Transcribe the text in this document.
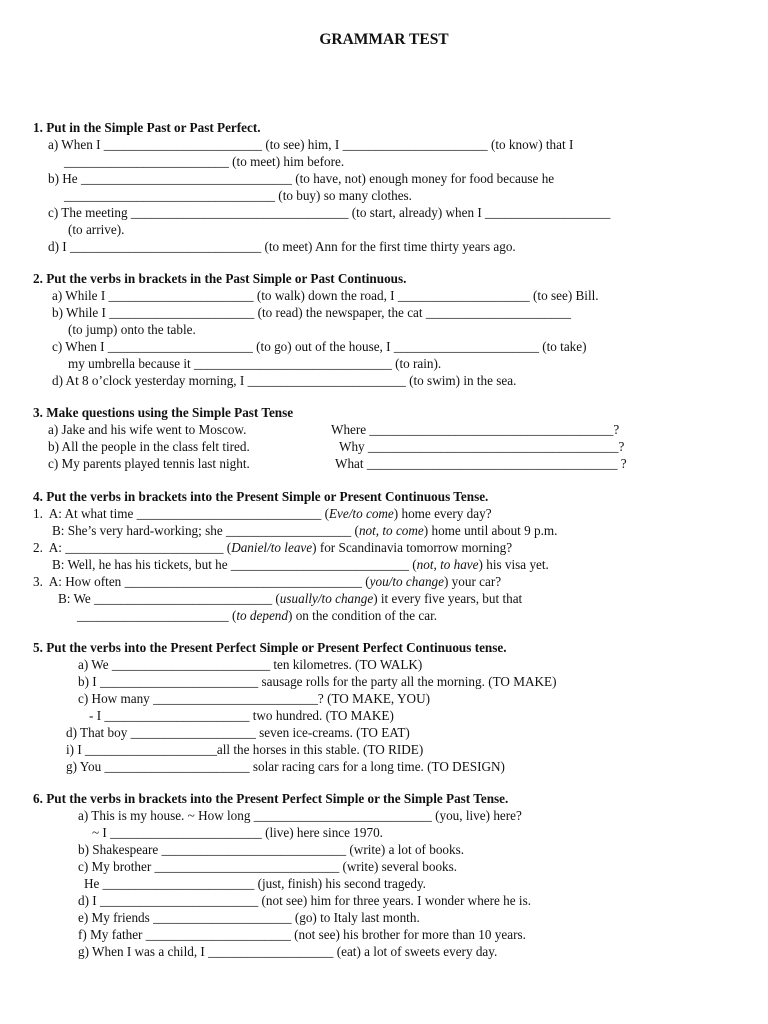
GRAMMAR TEST
1. Put in the Simple Past or Past Perfect.
a) When I ________________________ (to see) him, I ______________________ (to know) that I
_________________________ (to meet) him before.
b) He ________________________________ (to have, not) enough money for food because he
________________________________ (to buy) so many clothes.
c) The meeting _________________________________ (to start, already) when I ___________________
(to arrive).
d) I _____________________________ (to meet) Ann for the first time thirty years ago.
2. Put the verbs in brackets in the Past Simple or Past Continuous.
a) While I ______________________ (to walk) down the road, I ____________________ (to see) Bill.
b) While I ______________________ (to read) the newspaper, the cat ______________________
(to jump) onto the table.
c) When I ______________________ (to go) out of the house, I ______________________ (to take)
my umbrella because it ______________________________ (to rain).
d) At 8 o’clock yesterday morning, I ________________________ (to swim) in the sea.
3. Make questions using the Simple Past Tense

a) Jake and his wife went to Moscow.

	Where _____________________________________?

b) All the people in the class felt tired.

	Why ______________________________________?

c) My parents played tennis last night.

	What ______________________________________ ?

4. Put the verbs in brackets into the Present Simple or Present Continuous Tense.
1.  A: At what time ____________________________ (Eve/to come) home every day?
B: She’s very hard-working; she ___________________ (not, to come) home until about 9 p.m.
2.  A: ________________________ (Daniel/to leave) for Scandinavia tomorrow morning?
B: Well, he has his tickets, but he ___________________________ (not, to have) his visa yet.
3.  A: How often ____________________________________ (you/to change) your car?
B: We ___________________________ (usually/to change) it every five years, but that
_______________________ (to depend) on the condition of the car.
5. Put the verbs into the Present Perfect Simple or Present Perfect Continuous tense.
a) We ________________________ ten kilometres. (TO WALK)
b) I ________________________ sausage rolls for the party all the morning. (TO MAKE)
c) How many _________________________? (TO MAKE, YOU)
- I ______________________ two hundred. (TO MAKE)
d) That boy ___________________ seven ice-creams. (TO EAT)
i) I ____________________all the horses in this stable. (TO RIDE)
g) You ______________________ solar racing cars for a long time. (TO DESIGN)
6. Put the verbs in brackets into the Present Perfect Simple or the Simple Past Tense.
a) This is my house. ~ How long ___________________________ (you, live) here?
~ I _______________________ (live) here since 1970.
b) Shakespeare ____________________________ (write) a lot of books.
c) My brother ____________________________ (write) several books.
He _______________________ (just, finish) his second tragedy.
d) I ________________________ (not see) him for three years. I wonder where he is.
e) My friends _____________________ (go) to Italy last month.
f) My father ______________________ (not see) his brother for more than 10 years.
g) When I was a child, I ___________________ (eat) a lot of sweets every day.
